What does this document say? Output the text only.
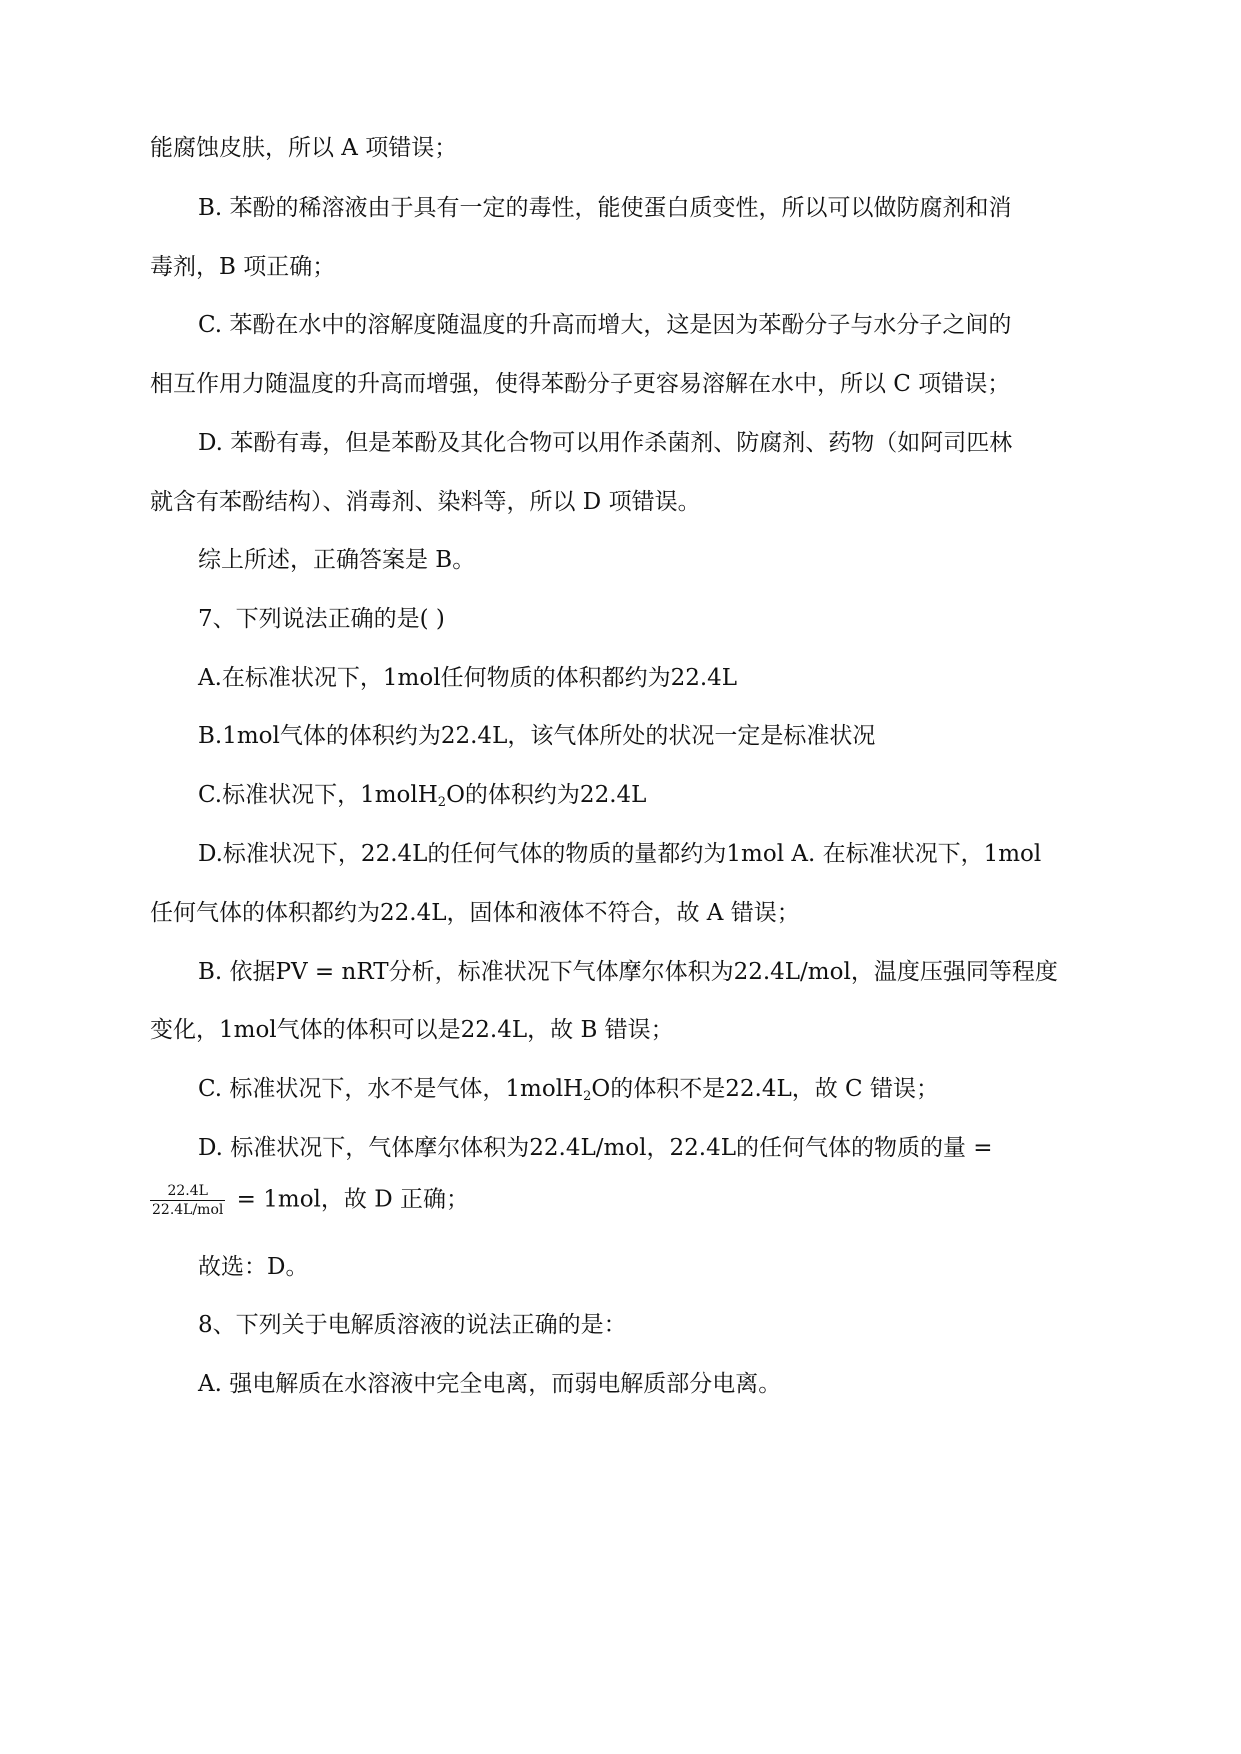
能腐蚀皮肤，所以 A 项错误；
B. 苯酚的稀溶液由于具有一定的毒性，能使蛋白质变性，所以可以做防腐剂和消
毒剂，B 项正确；
C. 苯酚在水中的溶解度随温度的升高而增大，这是因为苯酚分子与水分子之间的
相互作用力随温度的升高而增强，使得苯酚分子更容易溶解在水中，所以 C 项错误；
D. 苯酚有毒，但是苯酚及其化合物可以用作杀菌剂、防腐剂、药物（如阿司匹林
就含有苯酚结构）、消毒剂、染料等，所以 D 项错误。
综上所述，正确答案是 B。
7、下列说法正确的是( )
A.在标准状况下，1mol任何物质的体积都约为22.4L
B.1mol气体的体积约为22.4L，该气体所处的状况一定是标准状况
C.标准状况下，1molH$_2$O的体积约为22.4L
D.标准状况下，22.4L的任何气体的物质的量都约为1mol A. 在标准状况下，1mol
任何气体的体积都约为22.4L，固体和液体不符合，故 A 错误；
B. 依据PV = nRT分析，标准状况下气体摩尔体积为22.4L/mol，温度压强同等程度
变化，1mol气体的体积可以是22.4L，故 B 错误；
C. 标准状况下，水不是气体，1molH$_2$O的体积不是22.4L，故 C 错误；
D. 标准状况下，气体摩尔体积为22.4L/mol，22.4L的任何气体的物质的量 =
$\frac{22.4L}{\text{22.4L/mol}} = 1mol$，故 D 正确；
故选：D。
8、下列关于电解质溶液的说法正确的是：
A. 强电解质在水溶液中完全电离，而弱电解质部分电离。
